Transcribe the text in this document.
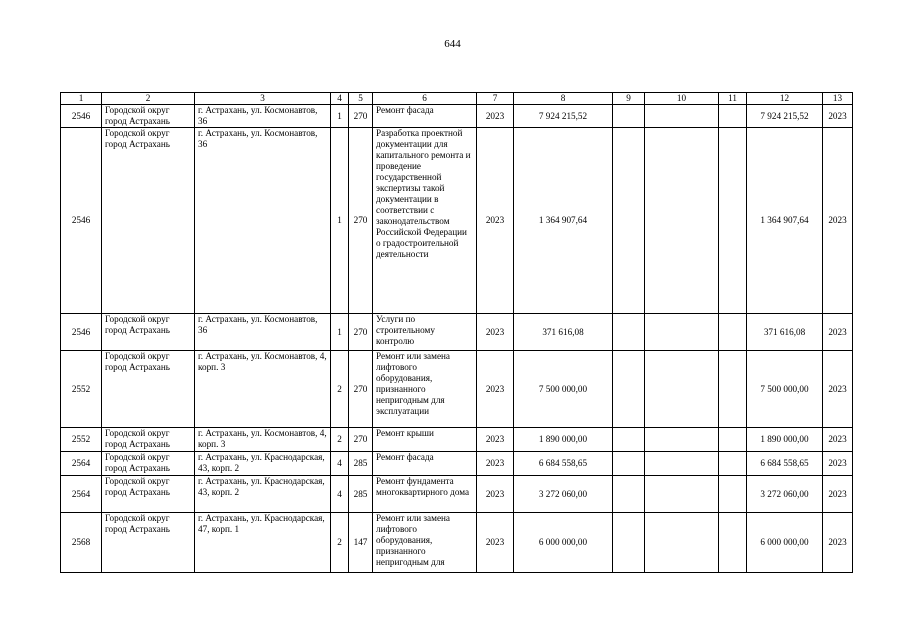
644
1	2	3	4	5	6	7	8	9	10	11	12	13
2546	Городской округ город Астрахань	г. Астрахань, ул. Космонавтов, 36	1	270	Ремонт фасада	2023	7 924 215,52				7 924 215,52	2023
2546	Городской округ город Астрахань	г. Астрахань, ул. Космонавтов, 36	1	270	Разработка проектной документации для капитального ремонта и проведение государственной экспертизы такой документации в соответствии с законодательством Российской Федерации о градостроительной деятельности	2023	1 364 907,64				1 364 907,64	2023
2546	Городской округ город Астрахань	г. Астрахань, ул. Космонавтов, 36	1	270	Услуги по строительному контролю	2023	371 616,08				371 616,08	2023
2552	Городской округ город Астрахань	г. Астрахань, ул. Космонавтов, 4, корп. 3	2	270	Ремонт или замена лифтового оборудования, признанного непригодным для эксплуатации	2023	7 500 000,00				7 500 000,00	2023
2552	Городской округ город Астрахань	г. Астрахань, ул. Космонавтов, 4, корп. 3	2	270	Ремонт крыши	2023	1 890 000,00				1 890 000,00	2023
2564	Городской округ город Астрахань	г. Астрахань, ул. Краснодарская, 43, корп. 2	4	285	Ремонт фасада	2023	6 684 558,65				6 684 558,65	2023
2564	Городской округ город Астрахань	г. Астрахань, ул. Краснодарская, 43, корп. 2	4	285	Ремонт фундамента многоквартирного дома	2023	3 272 060,00				3 272 060,00	2023
2568	Городской округ город Астрахань	г. Астрахань, ул. Краснодарская, 47, корп. 1	2	147	Ремонт или замена лифтового оборудования, признанного непригодным для	2023	6 000 000,00				6 000 000,00	2023
